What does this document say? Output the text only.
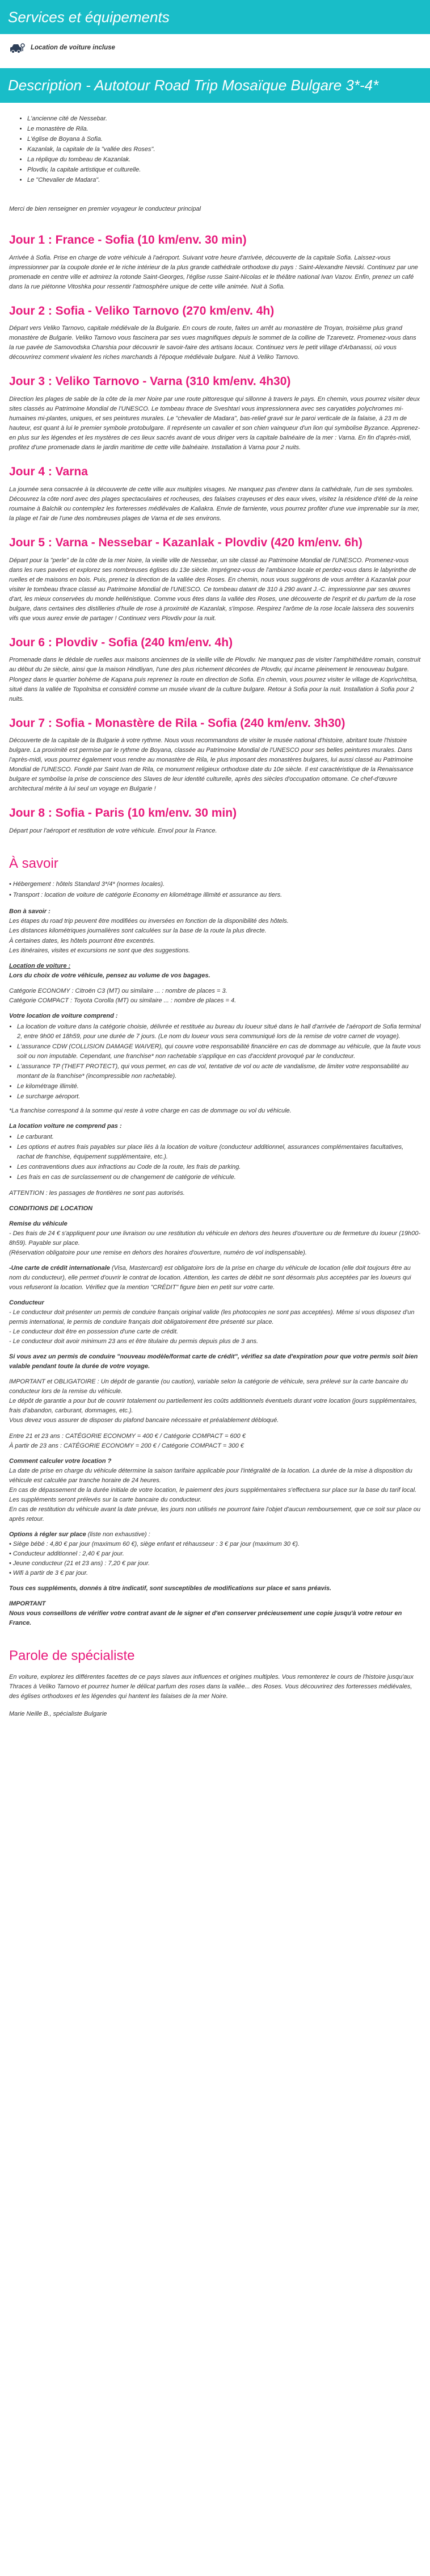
Services et équipements
Location de voiture incluse
Description - Autotour Road Trip Mosaïque Bulgare 3*-4*
• L'ancienne cité de Nessebar.
• Le monastère de Rila.
• L'église de Boyana à Sofia.
• Kazanlak, la capitale de la "vallée des Roses".
• La réplique du tombeau de Kazanlak.
• Plovdiv, la capitale artistique et culturelle.
• Le "Chevalier de Madara".

Merci de bien renseigner en premier voyageur le conducteur principal

Jour 1 : France - Sofia (10 km/env. 30 min)

Arrivée à Sofia. Prise en charge de votre véhicule à l'aéroport. Suivant votre heure d'arrivée, découverte de la capitale Sofia. Laissez-vous impressionner par la coupole dorée et le riche intérieur de la plus grande cathédrale orthodoxe du pays : Saint-Alexandre Nevski. Continuez par une promenade en centre ville et admirez la rotonde Saint-Georges, l'église russe Saint-Nicolas et le théâtre national Ivan Vazov. Enfin, prenez un café dans la rue piétonne Vitoshka pour ressentir l'atmosphère unique de cette ville animée. Nuit à Sofia.

Jour 2 : Sofia - Veliko Tarnovo (270 km/env. 4h)

Départ vers Veliko Tarnovo, capitale médiévale de la Bulgarie. En cours de route, faites un arrêt au monastère de Troyan, troisième plus grand monastère de Bulgarie. Veliko Tarnovo vous fascinera par ses vues magnifiques depuis le sommet de la colline de Tzarevetz. Promenez-vous dans la rue pavée de Samovodska Charshia pour découvrir le savoir-faire des artisans locaux. Continuez vers le petit village d'Arbanassi, où vous découvrirez comment vivaient les riches marchands à l'époque médiévale bulgare. Nuit à Veliko Tarnovo.

Jour 3 : Veliko Tarnovo - Varna (310 km/env. 4h30)

Direction les plages de sable de la côte de la mer Noire par une route pittoresque qui sillonne à travers le pays. En chemin, vous pourrez visiter deux sites classés au Patrimoine Mondial de l'UNESCO. Le tombeau thrace de Sveshtari vous impressionnera avec ses caryatides polychromes mi-humaines mi-plantes, uniques, et ses peintures murales. Le "chevalier de Madara", bas-relief gravé sur le paroi verticale de la falaise, à 23 m de hauteur, est quant à lui le premier symbole protobulgare. Il représente un cavalier et son chien vainqueur d'un lion qui symbolise Byzance. Apprenez-en plus sur les légendes et les mystères de ces lieux sacrés avant de vous diriger vers la capitale balnéaire de la mer : Varna. En fin d'après-midi, profitez d'une promenade dans le jardin maritime de cette ville balnéaire. Installation à Varna pour 2 nuits.

Jour 4 : Varna

La journée sera consacrée à la découverte de cette ville aux multiples visages. Ne manquez pas d'entrer dans la cathédrale, l'un de ses symboles. Découvrez la côte nord avec des plages spectaculaires et rocheuses, des falaises crayeuses et des eaux vives, visitez la résidence d'été de la reine roumaine à Balchik ou contemplez les forteresses médiévales de Kaliakra. Envie de farniente, vous pourrez profiter d'une vue imprenable sur la mer, la plage et l'air de l'une des nombreuses plages de Varna et de ses environs.

Jour 5 : Varna - Nessebar - Kazanlak - Plovdiv (420 km/env. 6h)

Départ pour la "perle" de la côte de la mer Noire, la vieille ville de Nessebar, un site classé au Patrimoine Mondial de l'UNESCO. Promenez-vous dans les rues pavées et explorez ses nombreuses églises du 13e siècle. Imprégnez-vous de l'ambiance locale et perdez-vous dans le labyrinthe de ruelles et de maisons en bois. Puis, prenez la direction de la vallée des Roses. En chemin, nous vous suggérons de vous arrêter à Kazanlak pour visiter le tombeau thrace classé au Patrimoine Mondial de l'UNESCO. Ce tombeau datant de 310 à 290 avant J.-C. impressionne par ses œuvres d'art, les mieux conservées du monde hellénistique. Comme vous êtes dans la vallée des Roses, une découverte de l'esprit et du parfum de la rose bulgare, dans certaines des distilleries d'huile de rose à proximité de Kazanlak, s'impose. Respirez l'arôme de la rose locale laissera des souvenirs vifs que vous aurez envie de partager ! Continuez vers Plovdiv pour la nuit.

Jour 6 : Plovdiv - Sofia (240 km/env. 4h)

Promenade dans le dédale de ruelles aux maisons anciennes de la vieille ville de Plovdiv. Ne manquez pas de visiter l'amphithéâtre romain, construit au début du 2e siècle, ainsi que la maison Hindliyan, l'une des plus richement décorées de Plovdiv, qui incarne pleinement le renouveau bulgare. Plongez dans le quartier bohème de Kapana puis reprenez la route en direction de Sofia. En chemin, vous pourrez visiter le village de Koprivchtitsa, situé dans la vallée de Topolnitsa et considéré comme un musée vivant de la culture bulgare. Retour à Sofia pour la nuit. Installation à Sofia pour 2 nuits.

Jour 7 : Sofia - Monastère de Rila - Sofia (240 km/env. 3h30)

Découverte de la capitale de la Bulgarie à votre rythme. Nous vous recommandons de visiter le musée national d'histoire, abritant toute l'histoire bulgare. La proximité est permise par le rythme de Boyana, classée au Patrimoine Mondial de l'UNESCO pour ses belles peintures murales. Dans l'après-midi, vous pourrez également vous rendre au monastère de Rila, le plus imposant des monastères bulgares, lui aussi classé au Patrimoine Mondial de l'UNESCO. Fondé par Saint Ivan de Rila, ce monument religieux orthodoxe date du 10e siècle. Il est caractéristique de la Renaissance bulgare et symbolise la prise de conscience des Slaves de leur identité culturelle, après des siècles d'occupation ottomane. Ce chef-d'œuvre architectural mérite à lui seul un voyage en Bulgarie !

Jour 8 : Sofia - Paris (10 km/env. 30 min)

Départ pour l'aéroport et restitution de votre véhicule. Envol pour la France.

À savoir
• Hébergement : hôtels Standard 3*/4* (normes locales).
• Transport : location de voiture de catégorie Economy en kilométrage illimité et assurance au tiers.
Bon à savoir :
Les étapes du road trip peuvent être modifiées ou inversées en fonction de la disponibilité des hôtels.
Les distances kilométriques journalières sont calculées sur la base de la route la plus directe.
À certaines dates, les hôtels pourront être excentrés.
Les itinéraires, visites et excursions ne sont que des suggestions.
Location de voiture :
Lors du choix de votre véhicule, pensez au volume de vos bagages.
Catégorie ECONOMY : Citroën C3 (MT) ou similaire ... : nombre de places = 3.
Catégorie COMPACT : Toyota Corolla (MT) ou similaire ... : nombre de places = 4.
Votre location de voiture comprend :
• La location de voiture dans la catégorie choisie, délivrée et restituée au bureau du loueur situé dans le hall d'arrivée de l'aéroport de Sofia terminal 2, entre 9h00 et 18h59, pour une durée de 7 jours. (Le nom du loueur vous sera communiqué lors de la remise de votre carnet de voyage).
• L'assurance CDW (COLLISION DAMAGE WAIVER), qui couvre votre responsabilité financière en cas de dommage au véhicule, que la faute vous soit ou non imputable. Cependant, une franchise* non rachetable s'applique en cas d'accident provoqué par le conducteur.
• L'assurance TP (THEFT PROTECT), qui vous permet, en cas de vol, tentative de vol ou acte de vandalisme, de limiter votre responsabilité au montant de la franchise* (incompressible non rachetable).
• Le kilométrage illimité.
• Le surcharge aéroport.
*La franchise correspond à la somme qui reste à votre charge en cas de dommage ou vol du véhicule.
La location voiture ne comprend pas :
• Le carburant.
• Les options et autres frais payables sur place liés à la location de voiture (conducteur additionnel, assurances complémentaires facultatives, rachat de franchise, équipement supplémentaire, etc.).
• Les contraventions dues aux infractions au Code de la route, les frais de parking.
• Les frais en cas de surclassement ou de changement de catégorie de véhicule.

ATTENTION : les passages de frontières ne sont pas autorisés.

CONDITIONS DE LOCATION

Remise du véhicule
- Des frais de 24 € s'appliquent pour une livraison ou une restitution du véhicule en dehors des heures d'ouverture ou de fermeture du loueur (19h00-8h59). Payable sur place.
(Réservation obligatoire pour une remise en dehors des horaires d'ouverture, numéro de vol indispensable).

-Une carte de crédit internationale (Visa, Mastercard) est obligatoire lors de la prise en charge du véhicule de location (elle doit toujours être au nom du conducteur), elle permet d'ouvrir le contrat de location. Attention, les cartes de débit ne sont désormais plus acceptées par les loueurs qui vous refuseront la location. Vérifiez que la mention "CRÉDIT" figure bien en petit sur votre carte.

Conducteur
- Le conducteur doit présenter un permis de conduire français original valide (les photocopies ne sont pas acceptées). Même si vous disposez d'un permis international, le permis de conduire français doit obligatoirement être présenté sur place.
- Le conducteur doit être en possession d'une carte de crédit.
- Le conducteur doit avoir minimum 23 ans et être titulaire du permis depuis plus de 3 ans.

Si vous avez un permis de conduire "nouveau modèle/format carte de crédit", vérifiez sa date d'expiration pour que votre permis soit bien valable pendant toute la durée de votre voyage.

IMPORTANT et OBLIGATOIRE : Un dépôt de garantie (ou caution), variable selon la catégorie de véhicule, sera prélevé sur la carte bancaire du conducteur lors de la remise du véhicule.
Le dépôt de garantie a pour but de couvrir totalement ou partiellement les coûts additionnels éventuels durant votre location (jours supplémentaires, frais d'abandon, carburant, dommages, etc.).
Vous devez vous assurer de disposer du plafond bancaire nécessaire et préalablement débloqué.
Entre 21 et 23 ans : CATÉGORIE ECONOMY = 400 € / Catégorie COMPACT = 600 €
À partir de 23 ans : CATÉGORIE ECONOMY = 200 € / Catégorie COMPACT = 300 €
Comment calculer votre location ?
La date de prise en charge du véhicule détermine la saison tarifaire applicable pour l'intégralité de la location. La durée de la mise à disposition du véhicule est calculée par tranche horaire de 24 heures.
En cas de dépassement de la durée initiale de votre location, le paiement des jours supplémentaires s'effectuera sur place sur la base du tarif local. Les suppléments seront prélevés sur la carte bancaire du conducteur.
En cas de restitution du véhicule avant la date prévue, les jours non utilisés ne pourront faire l'objet d'aucun remboursement, que ce soit sur place ou après retour.
Options à régler sur place (liste non exhaustive) :
• Siège bébé : 4,80 € par jour (maximum 60 €), siège enfant et réhausseur : 3 € par jour (maximum 30 €).
• Conducteur additionnel : 2,40 € par jour.
• Jeune conducteur (21 et 23 ans) : 7,20 € par jour.
• Wifi à partir de 3 € par jour.

Tous ces suppléments, donnés à titre indicatif, sont susceptibles de modifications sur place et sans préavis.

IMPORTANT
Nous vous conseillons de vérifier votre contrat avant de le signer et d'en conserver précieusement une copie jusqu'à votre retour en France.
Parole de spécialiste

En voiture, explorez les différentes facettes de ce pays slaves aux influences et origines multiples. Vous remonterez le cours de l'histoire jusqu'aux Thraces à Veliko Tarnovo et pourrez humer le délicat parfum des roses dans la vallée... des Roses. Vous découvrirez des forteresses médiévales, des églises orthodoxes et les légendes qui hantent les falaises de la mer Noire.

Marie Neille B., spécialiste Bulgarie
